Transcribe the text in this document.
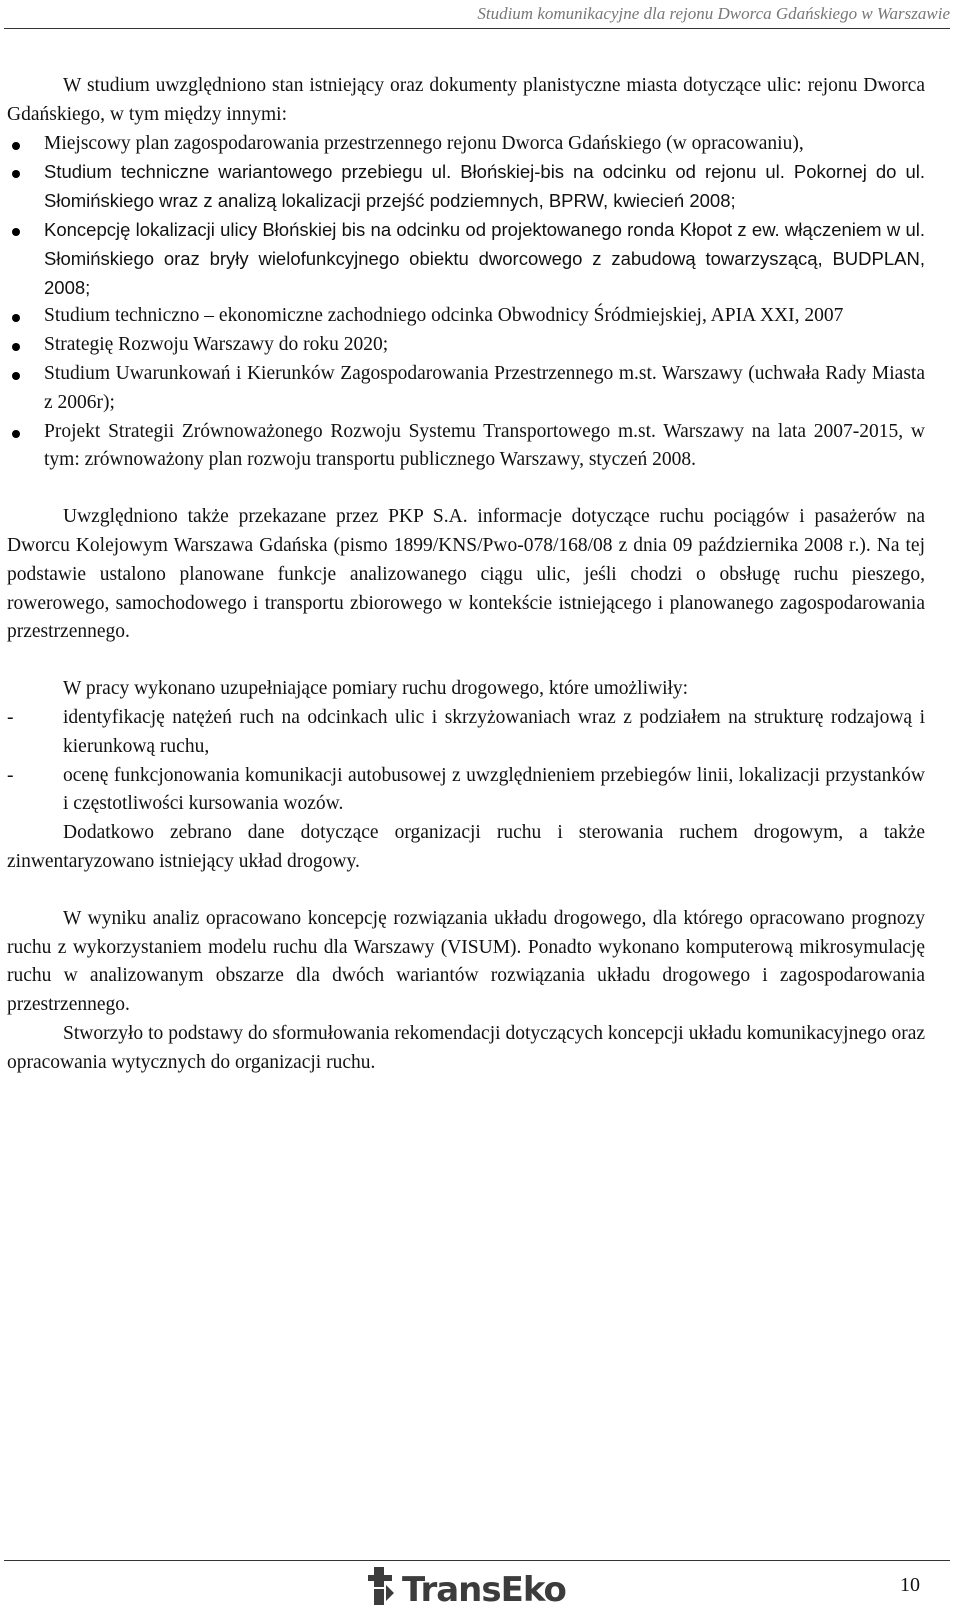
Studium komunikacyjne dla rejonu Dworca Gdańskiego w Warszawie

W studium uwzględniono stan istniejący oraz dokumenty planistyczne miasta dotyczące ulic: rejonu Dworca Gdańskiego, w tym między innymi:

Miejscowy plan zagospodarowania przestrzennego rejonu Dworca Gdańskiego (w opracowaniu),
Studium techniczne wariantowego przebiegu ul. Błońskiej-bis na odcinku od rejonu ul. Pokornej do ul. Słomińskiego wraz z analizą lokalizacji przejść podziemnych, BPRW, kwiecień 2008;
Koncepcję lokalizacji ulicy Błońskiej bis na odcinku od projektowanego ronda Kłopot z ew. włączeniem w ul. Słomińskiego oraz bryły wielofunkcyjnego obiektu dworcowego z zabudową towarzyszącą, BUDPLAN, 2008;
Studium techniczno – ekonomiczne zachodniego odcinka Obwodnicy Śródmiejskiej, APIA XXI, 2007
Strategię Rozwoju Warszawy do roku 2020;
Studium Uwarunkowań i Kierunków Zagospodarowania Przestrzennego m.st. Warszawy (uchwała Rady Miasta z 2006r);
Projekt Strategii Zrównoważonego Rozwoju Systemu Transportowego m.st. Warszawy na lata 2007-2015, w tym: zrównoważony plan rozwoju transportu publicznego Warszawy, styczeń 2008.

Uwzględniono także przekazane przez PKP S.A. informacje dotyczące ruchu pociągów i pasażerów na Dworcu Kolejowym Warszawa Gdańska (pismo 1899/KNS/Pwo-078/168/08 z dnia 09 października 2008 r.). Na tej podstawie ustalono planowane funkcje analizowanego ciągu ulic, jeśli chodzi o obsługę ruchu pieszego, rowerowego, samochodowego i transportu zbiorowego w kontekście istniejącego i planowanego zagospodarowania przestrzennego.

W pracy wykonano uzupełniające pomiary ruchu drogowego, które umożliwiły:

-	identyfikację natężeń ruch na odcinkach ulic i skrzyżowaniach wraz z podziałem na strukturę rodzajową i kierunkową ruchu,
-	ocenę funkcjonowania komunikacji autobusowej z uwzględnieniem przebiegów linii, lokalizacji przystanków i częstotliwości kursowania wozów.

Dodatkowo zebrano dane dotyczące organizacji ruchu i sterowania ruchem drogowym, a także zinwentaryzowano istniejący układ drogowy.

W wyniku analiz opracowano koncepcję rozwiązania układu drogowego, dla którego opracowano prognozy ruchu z wykorzystaniem modelu ruchu dla Warszawy (VISUM). Ponadto wykonano komputerową mikrosymulację ruchu w analizowanym obszarze dla dwóch wariantów rozwiązania układu drogowego i zagospodarowania przestrzennego.

Stworzyło to podstawy do sformułowania rekomendacji dotyczących koncepcji układu komunikacyjnego oraz opracowania wytycznych do organizacji ruchu.

TransEko	10
